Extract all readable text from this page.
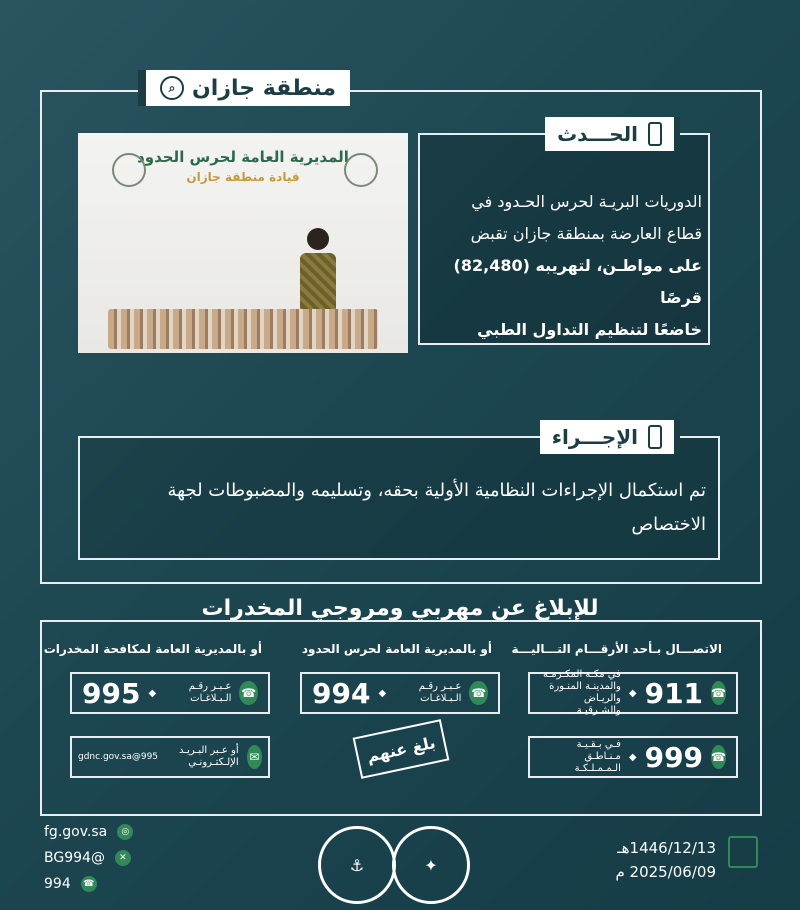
منطقة جازان
⌕
المديرية العامة لحرس الحدود
قيادة منطقة جازان
الحـــدث
الدوريات البريـة لحرس الحـدود في
قطاع العارضة بمنطقة جازان تقبض
على مواطـن، لتهريبه (82,480) قرصًا
خاضعًا لتنظيم التداول الطبي
الإجـــراء
تم استكمال الإجراءات النظامية الأولية بحقه، وتسليمه والمضبوطات لجهة الاختصاص
للإبلاغ عن مهربي ومروجي المخدرات
الاتصـــال بـأحد الأرقـــام التـــاليـــة
أو بالمديرية العامة لحرس الحدود
أو بالمديرية العامة لمكافحة المخدرات
☎
911
◆
في مكـة المكـرمـة والمدينـة المنـورة والريـاض والشـرقيـة
☎
999
◆
فـي بـقـيـة مـنـاطـق الـمـمـلـكـة
☎
عـبـر رقـم الـبـلاغـات
◆
994
بلغ عنهم
☎
عـبـر رقـم الـبـلاغـات
◆
995
✉
أو عـبر البـريـد الإلـكتـرونـي
995@gdnc.gov.sa
◎
fg.gov.sa
✕
@BG994
☎
994
⚓	✦
1446/12/13هـ
2025/06/09 م
